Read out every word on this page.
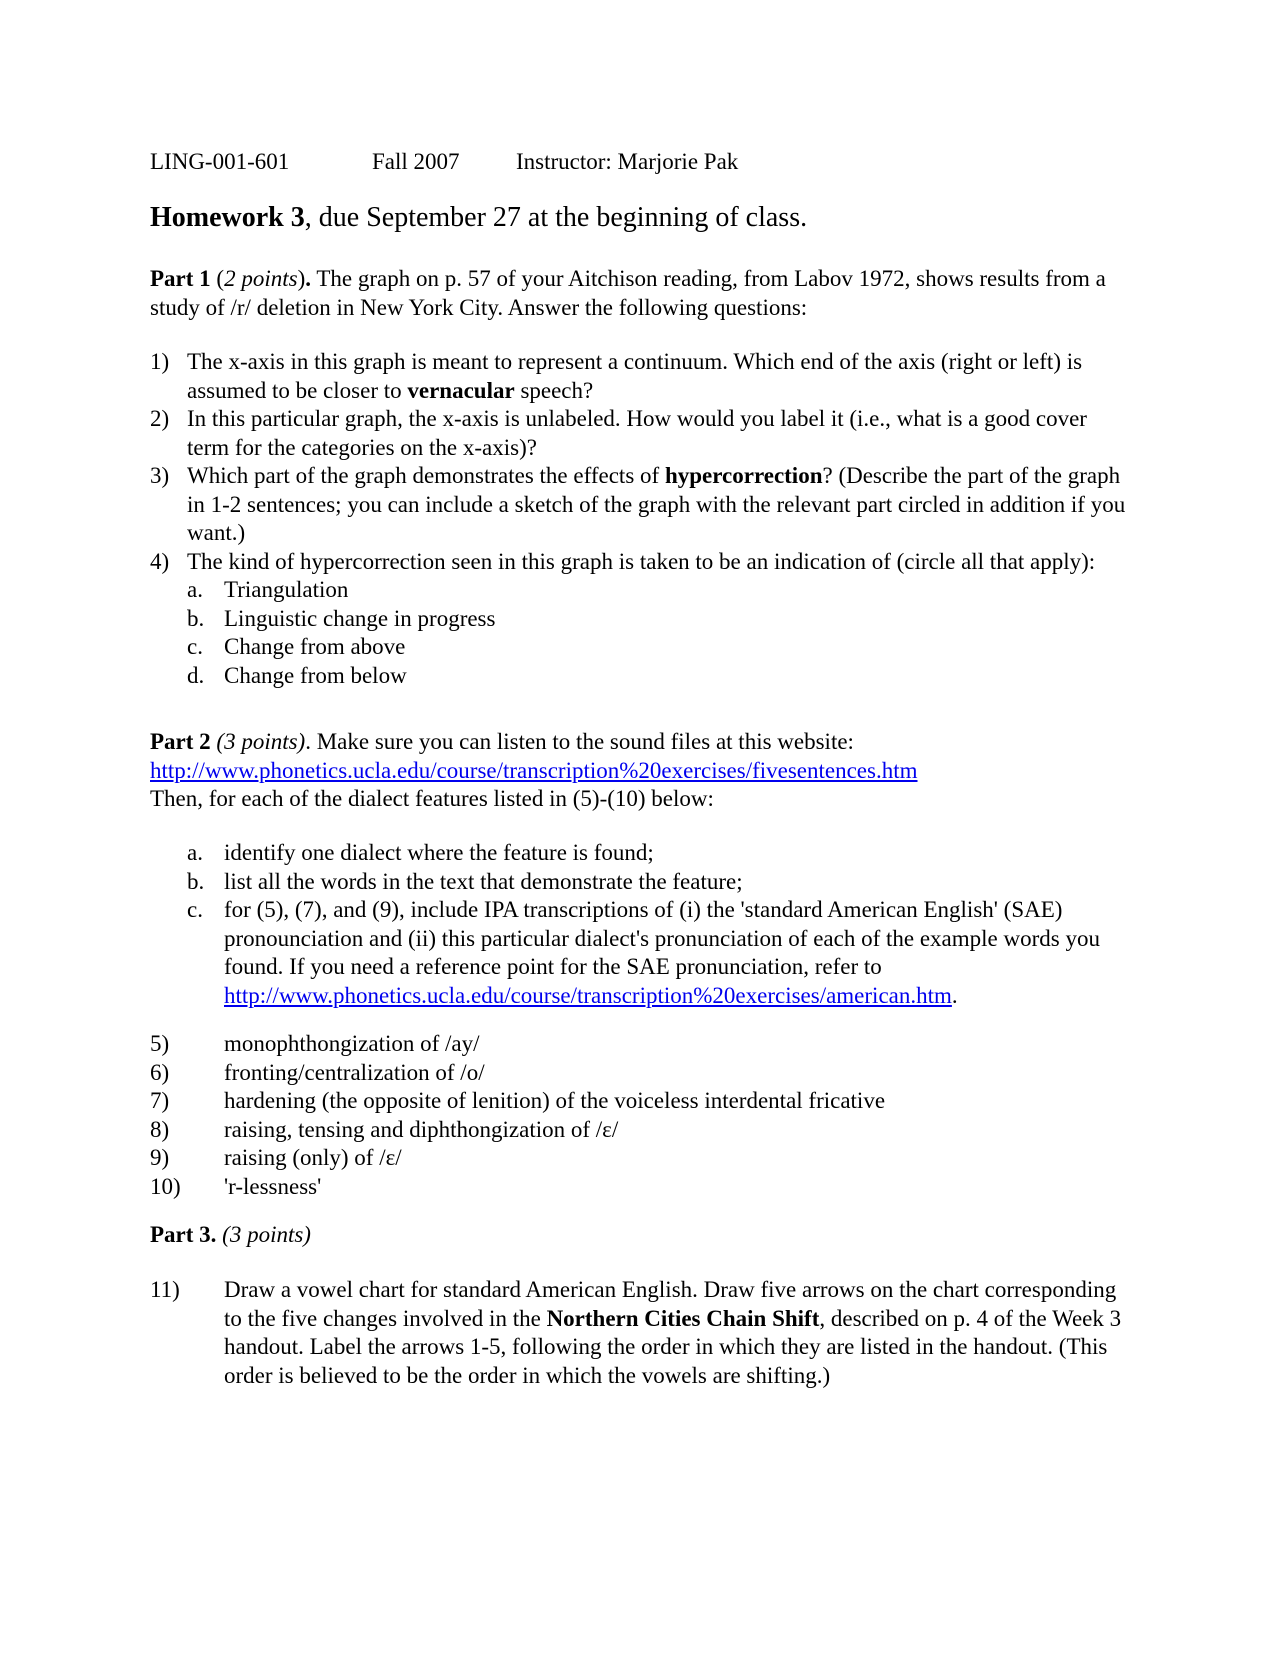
LING-001-601	Fall 2007 Instructor: Marjorie Pak
Homework 3, due September 27 at the beginning of class.
Part 1 (2 points). The graph on p. 57 of your Aitchison reading, from Labov 1972, shows results from a study of /r/ deletion in New York City. Answer the following questions:
1) The x-axis in this graph is meant to represent a continuum. Which end of the axis (right or left) is assumed to be closer to vernacular speech?
2) In this particular graph, the x-axis is unlabeled. How would you label it (i.e., what is a good cover term for the categories on the x-axis)?
3) Which part of the graph demonstrates the effects of hypercorrection? (Describe the part of the graph in 1-2 sentences; you can include a sketch of the graph with the relevant part circled in addition if you want.)
4) The kind of hypercorrection seen in this graph is taken to be an indication of (circle all that apply):
a. Triangulation
b. Linguistic change in progress
c. Change from above
d. Change from below
Part 2 (3 points). Make sure you can listen to the sound files at this website:
http://www.phonetics.ucla.edu/course/transcription%20exercises/fivesentences.htm
Then, for each of the dialect features listed in (5)-(10) below:
a. identify one dialect where the feature is found;
b. list all the words in the text that demonstrate the feature;
c. for (5), (7), and (9), include IPA transcriptions of (i) the 'standard American English' (SAE) pronounciation and (ii) this particular dialect's pronunciation of each of the example words you found. If you need a reference point for the SAE pronunciation, refer to http://www.phonetics.ucla.edu/course/transcription%20exercises/american.htm.
5) monophthongization of /ay/
6) fronting/centralization of /o/
7) hardening (the opposite of lenition) of the voiceless interdental fricative
8) raising, tensing and diphthongization of /ɛ/
9) raising (only) of /ɛ/
10) 'r-lessness'
Part 3. (3 points)
11) Draw a vowel chart for standard American English. Draw five arrows on the chart corresponding to the five changes involved in the Northern Cities Chain Shift, described on p. 4 of the Week 3 handout. Label the arrows 1-5, following the order in which they are listed in the handout. (This order is believed to be the order in which the vowels are shifting.)
